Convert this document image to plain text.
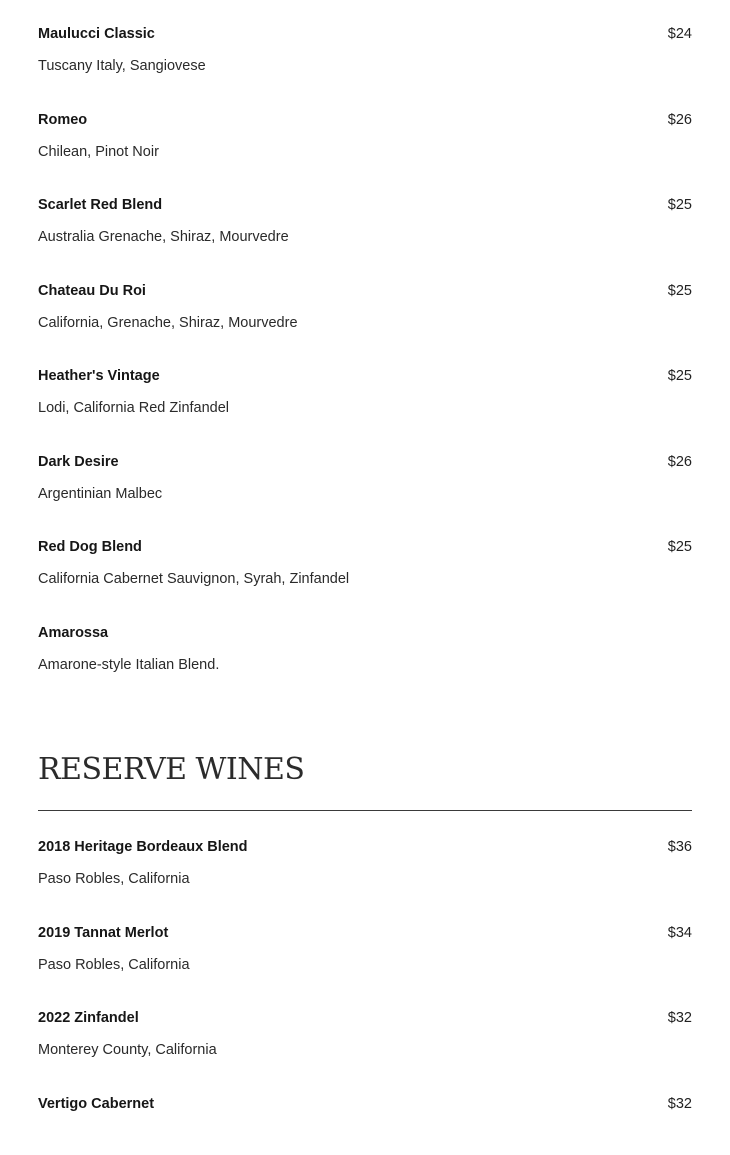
Maulucci Classic	$24
Tuscany Italy, Sangiovese
Romeo	$26
Chilean, Pinot Noir
Scarlet Red Blend	$25
Australia Grenache, Shiraz, Mourvedre
Chateau Du Roi	$25
California, Grenache, Shiraz, Mourvedre
Heather's Vintage	$25
Lodi, California Red Zinfandel
Dark Desire	$26
Argentinian Malbec
Red Dog Blend	$25
California Cabernet Sauvignon, Syrah, Zinfandel
Amarossa
Amarone-style Italian Blend.
RESERVE WINES
2018 Heritage Bordeaux Blend	$36
Paso Robles, California
2019 Tannat Merlot	$34
Paso Robles, California
2022 Zinfandel	$32
Monterey County, California
Vertigo Cabernet	$32
